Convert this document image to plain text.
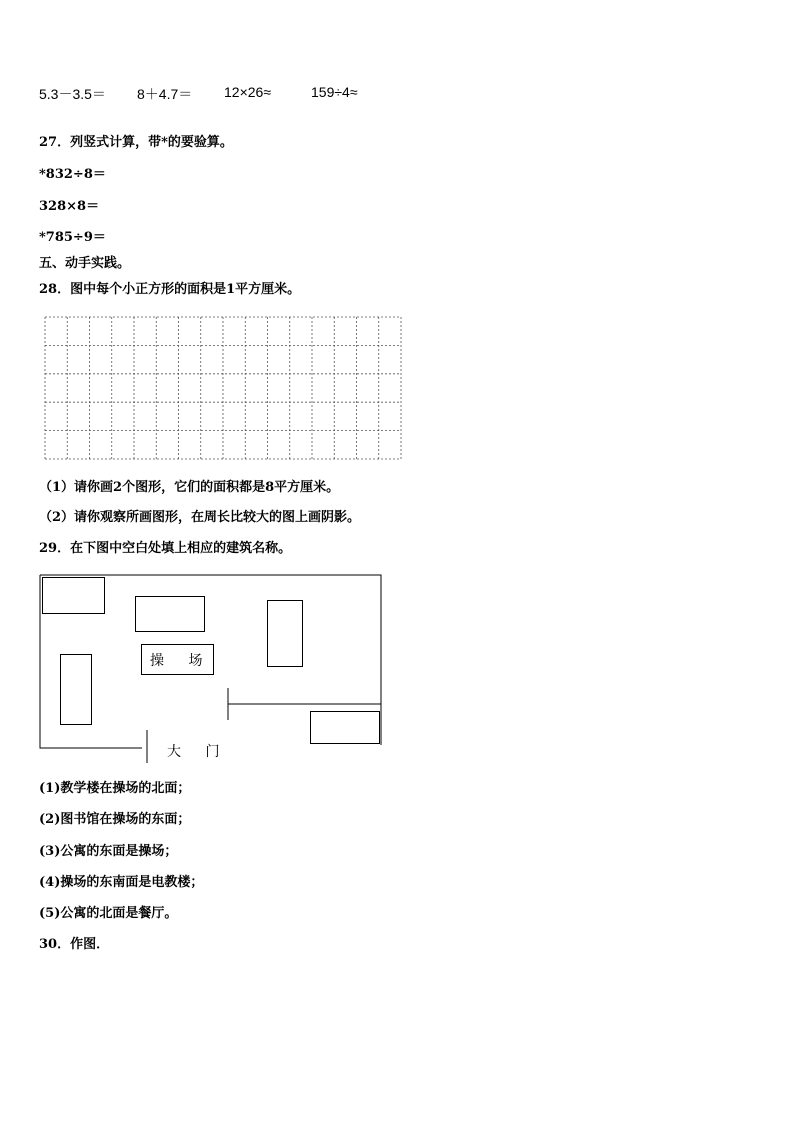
5.3－3.5＝ 8＋4.7＝ 12×26≈	159÷4≈
27．列竖式计算，带*的要验算。
*832÷8＝
328×8＝
*785÷9＝
五、动手实践。
28．图中每个小正方形的面积是1平方厘米。
（1）请你画2个图形，它们的面积都是8平方厘米。
（2）请你观察所画图形，在周长比较大的图上画阴影。
29．在下图中空白处填上相应的建筑名称。
操 场
大 门
(1)教学楼在操场的北面；
(2)图书馆在操场的东面；
(3)公寓的东面是操场；
(4)操场的东南面是电教楼；
(5)公寓的北面是餐厅。
30．作图．
